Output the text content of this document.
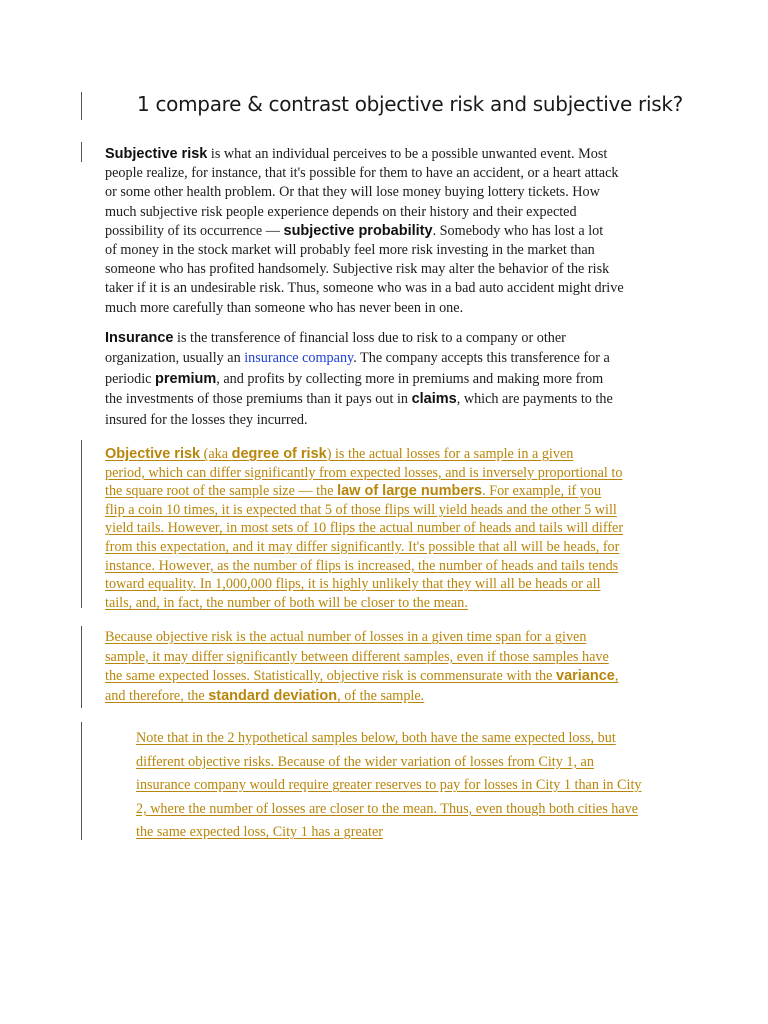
1 compare & contrast objective risk and subjective risk?
Subjective risk is what an individual perceives to be a possible unwanted event. Most
people realize, for instance, that it's possible for them to have an accident, or a heart attack
or some other health problem. Or that they will lose money buying lottery tickets. How
much subjective risk people experience depends on their history and their expected
possibility of its occurrence — subjective probability. Somebody who has lost a lot
of money in the stock market will probably feel more risk investing in the market than
someone who has profited handsomely. Subjective risk may alter the behavior of the risk
taker if it is an undesirable risk. Thus, someone who was in a bad auto accident might drive
much more carefully than someone who has never been in one.
Insurance is the transference of financial loss due to risk to a company or other
organization, usually an insurance company. The company accepts this transference for a
periodic premium, and profits by collecting more in premiums and making more from
the investments of those premiums than it pays out in claims, which are payments to the
insured for the losses they incurred.
Objective risk (aka degree of risk) is the actual losses for a sample in a given
period, which can differ significantly from expected losses, and is inversely proportional to
the square root of the sample size — the law of large numbers. For example, if you
flip a coin 10 times, it is expected that 5 of those flips will yield heads and the other 5 will
yield tails. However, in most sets of 10 flips the actual number of heads and tails will differ
from this expectation, and it may differ significantly. It's possible that all will be heads, for
instance. However, as the number of flips is increased, the number of heads and tails tends
toward equality. In 1,000,000 flips, it is highly unlikely that they will all be heads or all
tails, and, in fact, the number of both will be closer to the mean.
Because objective risk is the actual number of losses in a given time span for a given
sample, it may differ significantly between different samples, even if those samples have
the same expected losses. Statistically, objective risk is commensurate with the variance,
and therefore, the standard deviation, of the sample.
Note that in the 2 hypothetical samples below, both have the same expected loss, but
different objective risks. Because of the wider variation of losses from City 1, an
insurance company would require greater reserves to pay for losses in City 1 than in City
2, where the number of losses are closer to the mean. Thus, even though both cities have
the same expected loss, City 1 has a greater
